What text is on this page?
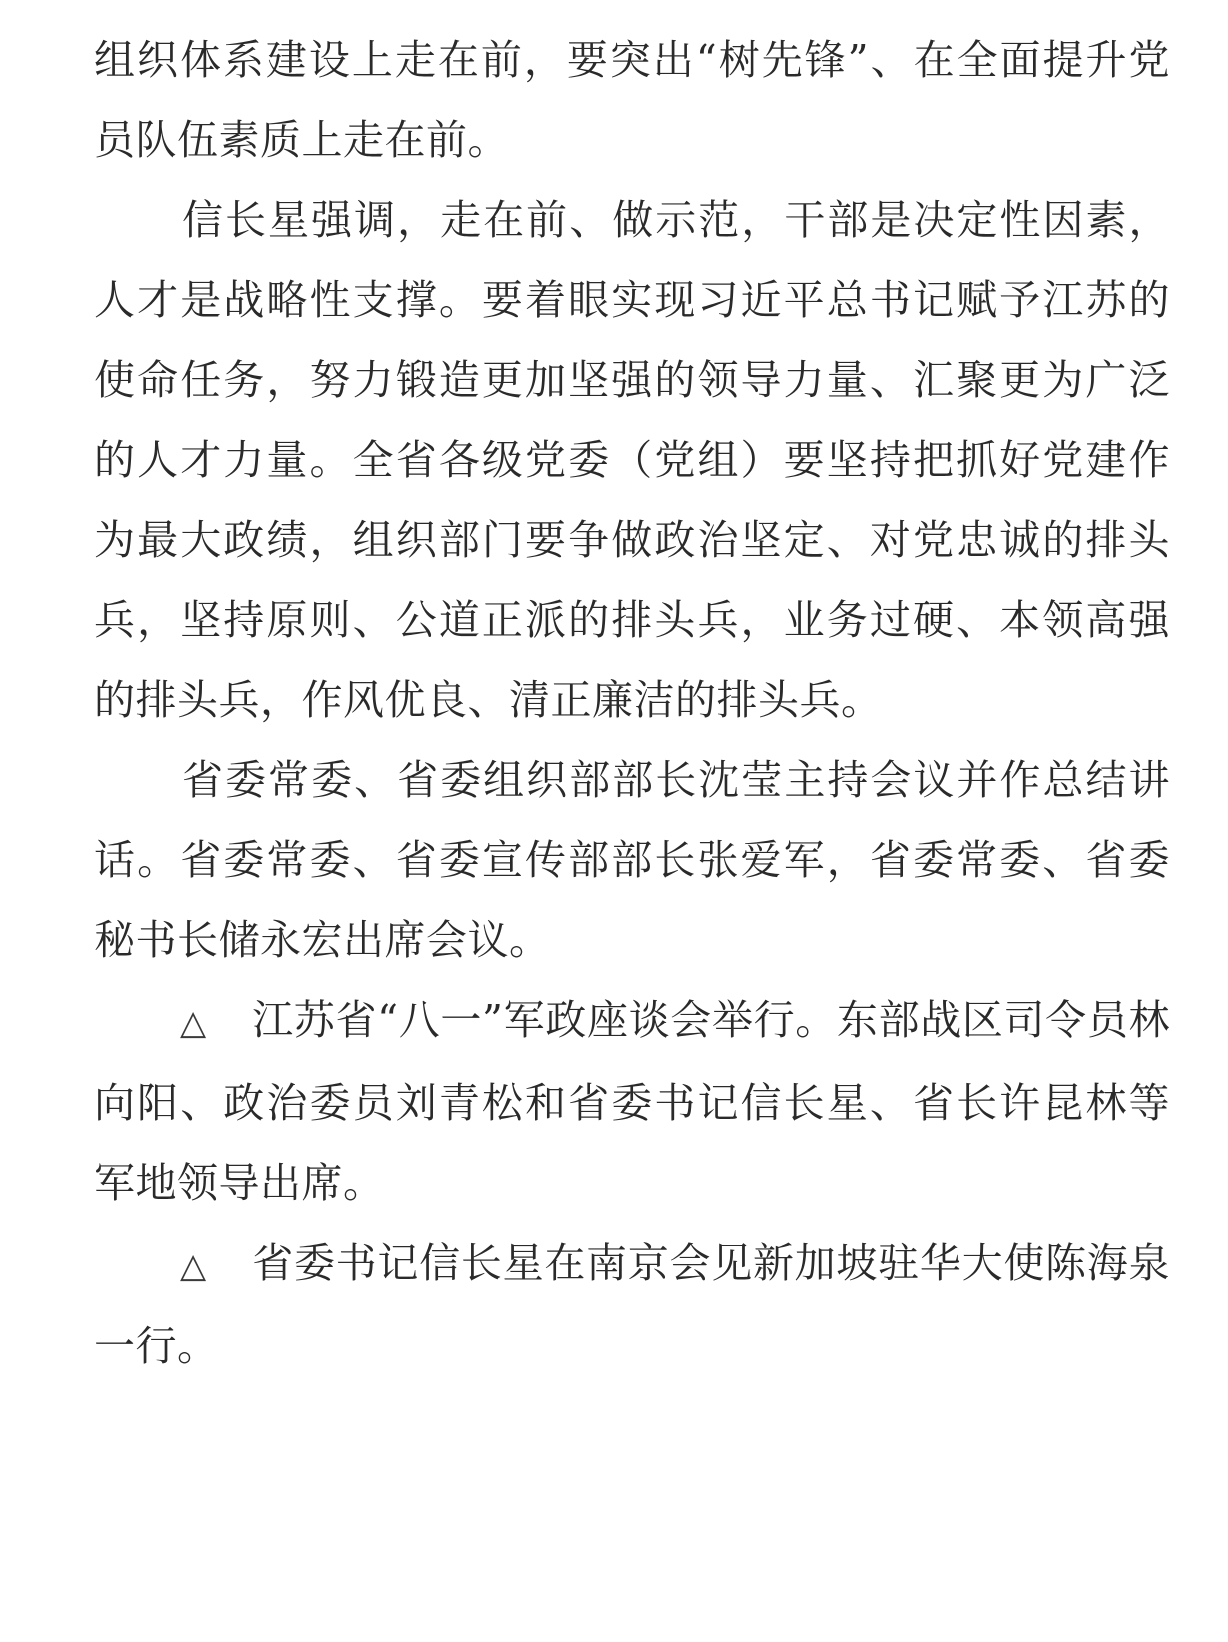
组织体系建设上走在前，要突出“树先锋”、在全面提升党员队伍素质上走在前。

信长星强调，走在前、做示范，干部是决定性因素，人才是战略性支撑。要着眼实现习近平总书记赋予江苏的使命任务，努力锻造更加坚强的领导力量、汇聚更为广泛的人才力量。全省各级党委（党组）要坚持把抓好党建作为最大政绩，组织部门要争做政治坚定、对党忠诚的排头兵，坚持原则、公道正派的排头兵，业务过硬、本领高强的排头兵，作风优良、清正廉洁的排头兵。

省委常委、省委组织部部长沈莹主持会议并作总结讲话。省委常委、省委宣传部部长张爱军，省委常委、省委秘书长储永宏出席会议。

△ 江苏省“八一”军政座谈会举行。东部战区司令员林向阳、政治委员刘青松和省委书记信长星、省长许昆林等军地领导出席。

△ 省委书记信长星在南京会见新加坡驻华大使陈海泉一行。
